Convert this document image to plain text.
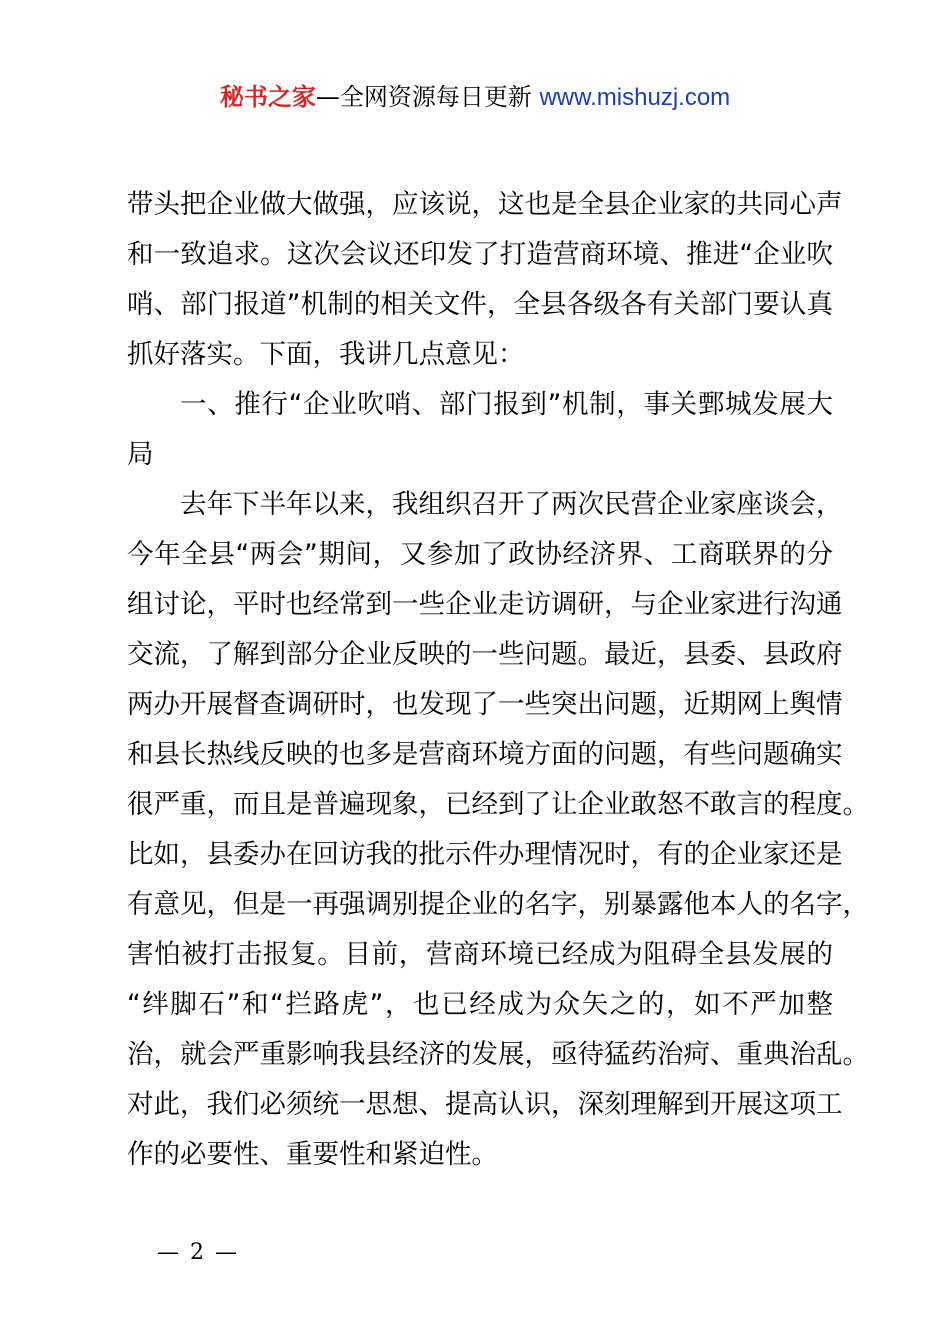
秘书之家—全网资源每日更新 www.mishuzj.com
带头把企业做大做强，应该说，这也是全县企业家的共同心声
和一致追求。这次会议还印发了打造营商环境、推进“企业吹
哨、部门报道”机制的相关文件，全县各级各有关部门要认真
抓好落实。下面，我讲几点意见：
一、推行“企业吹哨、部门报到”机制，事关鄄城发展大
局
去年下半年以来，我组织召开了两次民营企业家座谈会，
今年全县“两会”期间，又参加了政协经济界、工商联界的分
组讨论，平时也经常到一些企业走访调研，与企业家进行沟通
交流，了解到部分企业反映的一些问题。最近，县委、县政府
两办开展督查调研时，也发现了一些突出问题，近期网上舆情
和县长热线反映的也多是营商环境方面的问题，有些问题确实
很严重，而且是普遍现象，已经到了让企业敢怒不敢言的程度。
比如，县委办在回访我的批示件办理情况时，有的企业家还是
有意见，但是一再强调别提企业的名字，别暴露他本人的名字，
害怕被打击报复。目前，营商环境已经成为阻碍全县发展的
“绊脚石”和“拦路虎”，也已经成为众矢之的，如不严加整
治，就会严重影响我县经济的发展，亟待猛药治疴、重典治乱。
对此，我们必须统一思想、提高认识，深刻理解到开展这项工
作的必要性、重要性和紧迫性。
— 2 —
